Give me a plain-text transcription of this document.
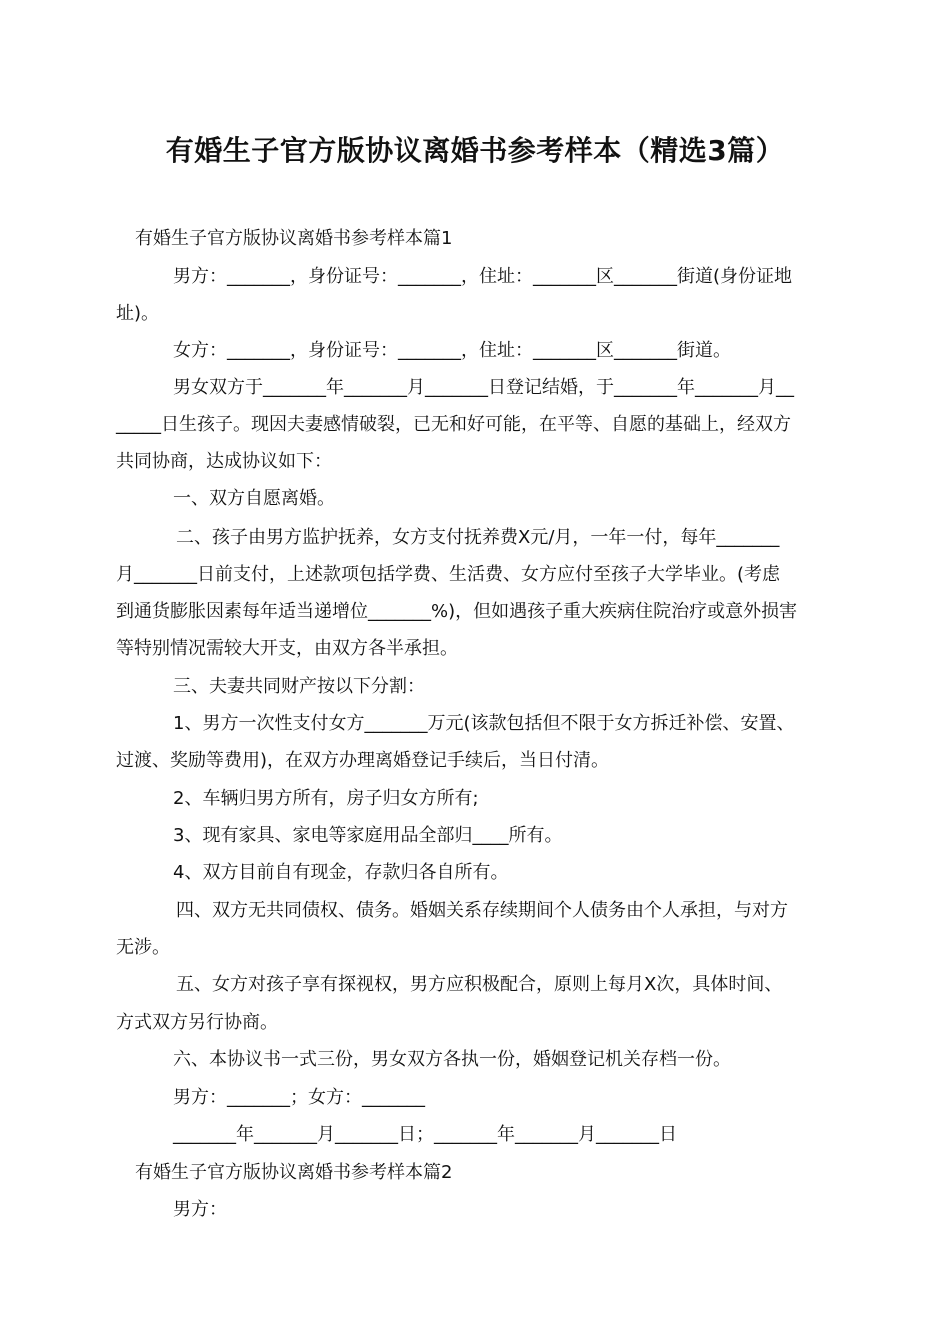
有婚生子官方版协议离婚书参考样本（精选3篇）
有婚生子官方版协议离婚书参考样本篇1
男方：_______，身份证号：_______，住址：_______区_______街道(身份证地
址)。
女方：_______，身份证号：_______，住址：_______区_______街道。
男女双方于_______年_______月_______日登记结婚，于_______年_______月__
_____日生孩子。现因夫妻感情破裂，已无和好可能，在平等、自愿的基础上，经双方
共同协商，达成协议如下：
一、双方自愿离婚。
二、孩子由男方监护抚养，女方支付抚养费X元/月，一年一付，每年_______
月_______日前支付，上述款项包括学费、生活费、女方应付至孩子大学毕业。(考虑
到通货膨胀因素每年适当递增位_______%)，但如遇孩子重大疾病住院治疗或意外损害
等特别情况需较大开支，由双方各半承担。
三、夫妻共同财产按以下分割：
1、男方一次性支付女方_______万元(该款包括但不限于女方拆迁补偿、安置、
过渡、奖励等费用)，在双方办理离婚登记手续后，当日付清。
2、车辆归男方所有，房子归女方所有;
3、现有家具、家电等家庭用品全部归____所有。
4、双方目前自有现金，存款归各自所有。
四、双方无共同债权、债务。婚姻关系存续期间个人债务由个人承担，与对方
无涉。
五、女方对孩子享有探视权，男方应积极配合，原则上每月X次，具体时间、
方式双方另行协商。
六、本协议书一式三份，男女双方各执一份，婚姻登记机关存档一份。
男方：_______；女方：_______
_______年_______月_______日；_______年_______月_______日
有婚生子官方版协议离婚书参考样本篇2
男方：
